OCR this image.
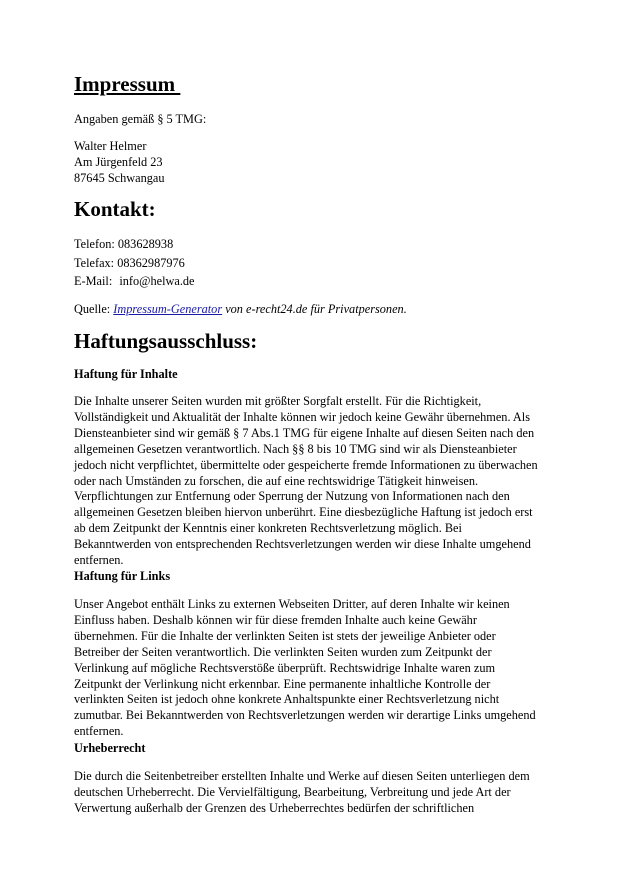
Impressum
Angaben gemäß § 5 TMG:
Walter Helmer
Am Jürgenfeld 23
87645 Schwangau
Kontakt:
Telefon: 083628938
Telefax: 08362987976
E-Mail: info@helwa.de
Quelle: Impressum-Generator von e-recht24.de für Privatpersonen.
Haftungsausschluss:
Haftung für Inhalte
Die Inhalte unserer Seiten wurden mit größter Sorgfalt erstellt. Für die Richtigkeit,
Vollständigkeit und Aktualität der Inhalte können wir jedoch keine Gewähr übernehmen. Als
Diensteanbieter sind wir gemäß § 7 Abs.1 TMG für eigene Inhalte auf diesen Seiten nach den
allgemeinen Gesetzen verantwortlich. Nach §§ 8 bis 10 TMG sind wir als Diensteanbieter
jedoch nicht verpflichtet, übermittelte oder gespeicherte fremde Informationen zu überwachen
oder nach Umständen zu forschen, die auf eine rechtswidrige Tätigkeit hinweisen.
Verpflichtungen zur Entfernung oder Sperrung der Nutzung von Informationen nach den
allgemeinen Gesetzen bleiben hiervon unberührt. Eine diesbezügliche Haftung ist jedoch erst
ab dem Zeitpunkt der Kenntnis einer konkreten Rechtsverletzung möglich. Bei
Bekanntwerden von entsprechenden Rechtsverletzungen werden wir diese Inhalte umgehend
entfernen.
Haftung für Links
Unser Angebot enthält Links zu externen Webseiten Dritter, auf deren Inhalte wir keinen
Einfluss haben. Deshalb können wir für diese fremden Inhalte auch keine Gewähr
übernehmen. Für die Inhalte der verlinkten Seiten ist stets der jeweilige Anbieter oder
Betreiber der Seiten verantwortlich. Die verlinkten Seiten wurden zum Zeitpunkt der
Verlinkung auf mögliche Rechtsverstöße überprüft. Rechtswidrige Inhalte waren zum
Zeitpunkt der Verlinkung nicht erkennbar. Eine permanente inhaltliche Kontrolle der
verlinkten Seiten ist jedoch ohne konkrete Anhaltspunkte einer Rechtsverletzung nicht
zumutbar. Bei Bekanntwerden von Rechtsverletzungen werden wir derartige Links umgehend
entfernen.
Urheberrecht
Die durch die Seitenbetreiber erstellten Inhalte und Werke auf diesen Seiten unterliegen dem
deutschen Urheberrecht. Die Vervielfältigung, Bearbeitung, Verbreitung und jede Art der
Verwertung außerhalb der Grenzen des Urheberrechtes bedürfen der schriftlichen
